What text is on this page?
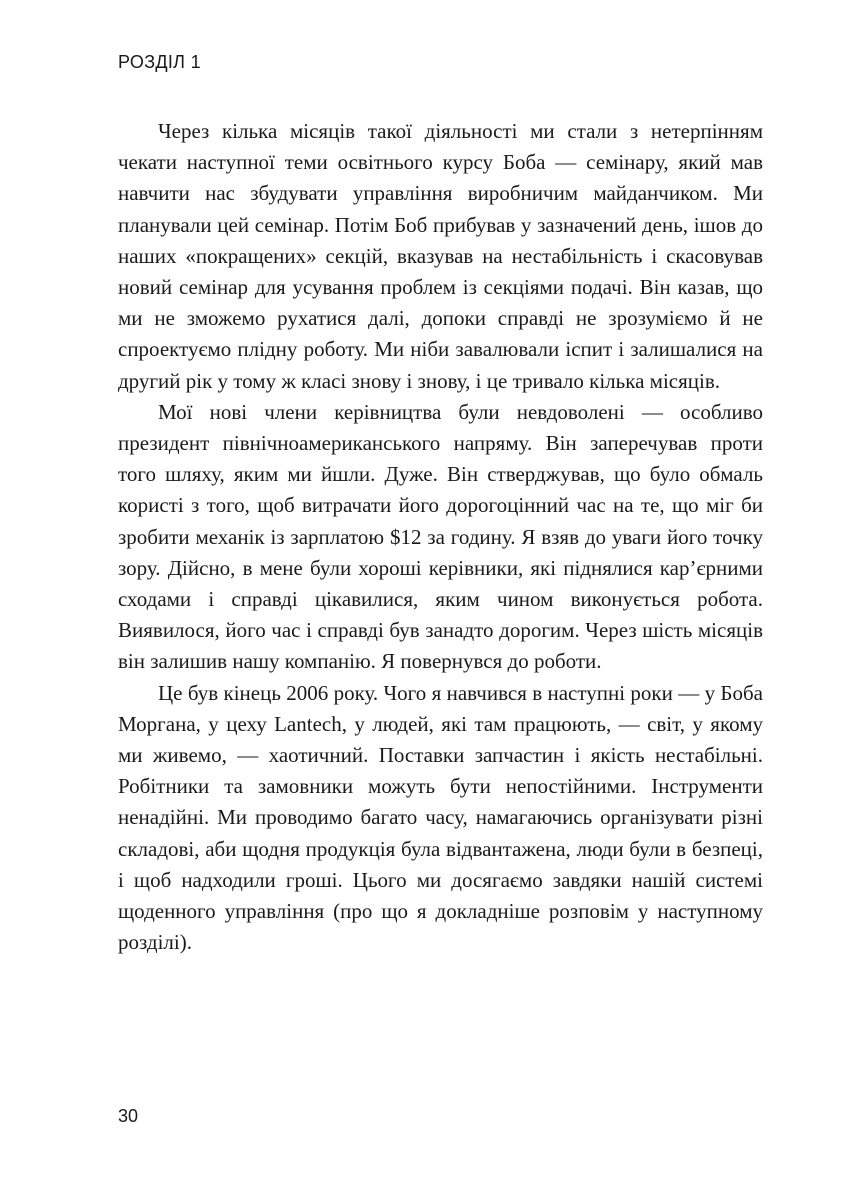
РОЗДІЛ 1

Через кілька місяців такої діяльності ми стали з нетерпінням чекати наступної теми освітнього курсу Боба — семінару, який мав навчити нас збудувати управління виробничим майданчиком. Ми планували цей семінар. Потім Боб прибував у зазначений день, ішов до наших «покращених» секцій, вказував на нестабільність і скасовував новий семінар для усування проблем із секціями подачі. Він казав, що ми не зможемо рухатися далі, допоки справді не зрозуміємо й не спроектуємо плідну роботу. Ми ніби завалювали іспит і залишалися на другий рік у тому ж класі знову і знову, і це тривало кілька місяців.

Мої нові члени керівництва були невдоволені — особливо президент північноамериканського напряму. Він заперечував проти того шляху, яким ми йшли. Дуже. Він стверджував, що було обмаль користі з того, щоб витрачати його дорогоцінний час на те, що міг би зробити механік із зарплатою $12 за годину. Я взяв до уваги його точку зору. Дійсно, в мене були хороші керівники, які піднялися кар’єрними сходами і справді цікавилися, яким чином виконується робота. Виявилося, його час і справді був занадто дорогим. Через шість місяців він залишив нашу компанію. Я повернувся до роботи.

Це був кінець 2006 року. Чого я навчився в наступні роки — у Боба Моргана, у цеху Lantech, у людей, які там працюють, — світ, у якому ми живемо, — хаотичний. Поставки запчастин і якість нестабільні. Робітники та замовники можуть бути непостійними. Інструменти ненадійні. Ми проводимо багато часу, намагаючись організувати різні складові, аби щодня продукція була відвантажена, люди були в безпеці, і щоб надходили гроші. Цього ми досягаємо завдяки нашій системі щоденного управління (про що я докладніше розповім у наступному розділі).

30
